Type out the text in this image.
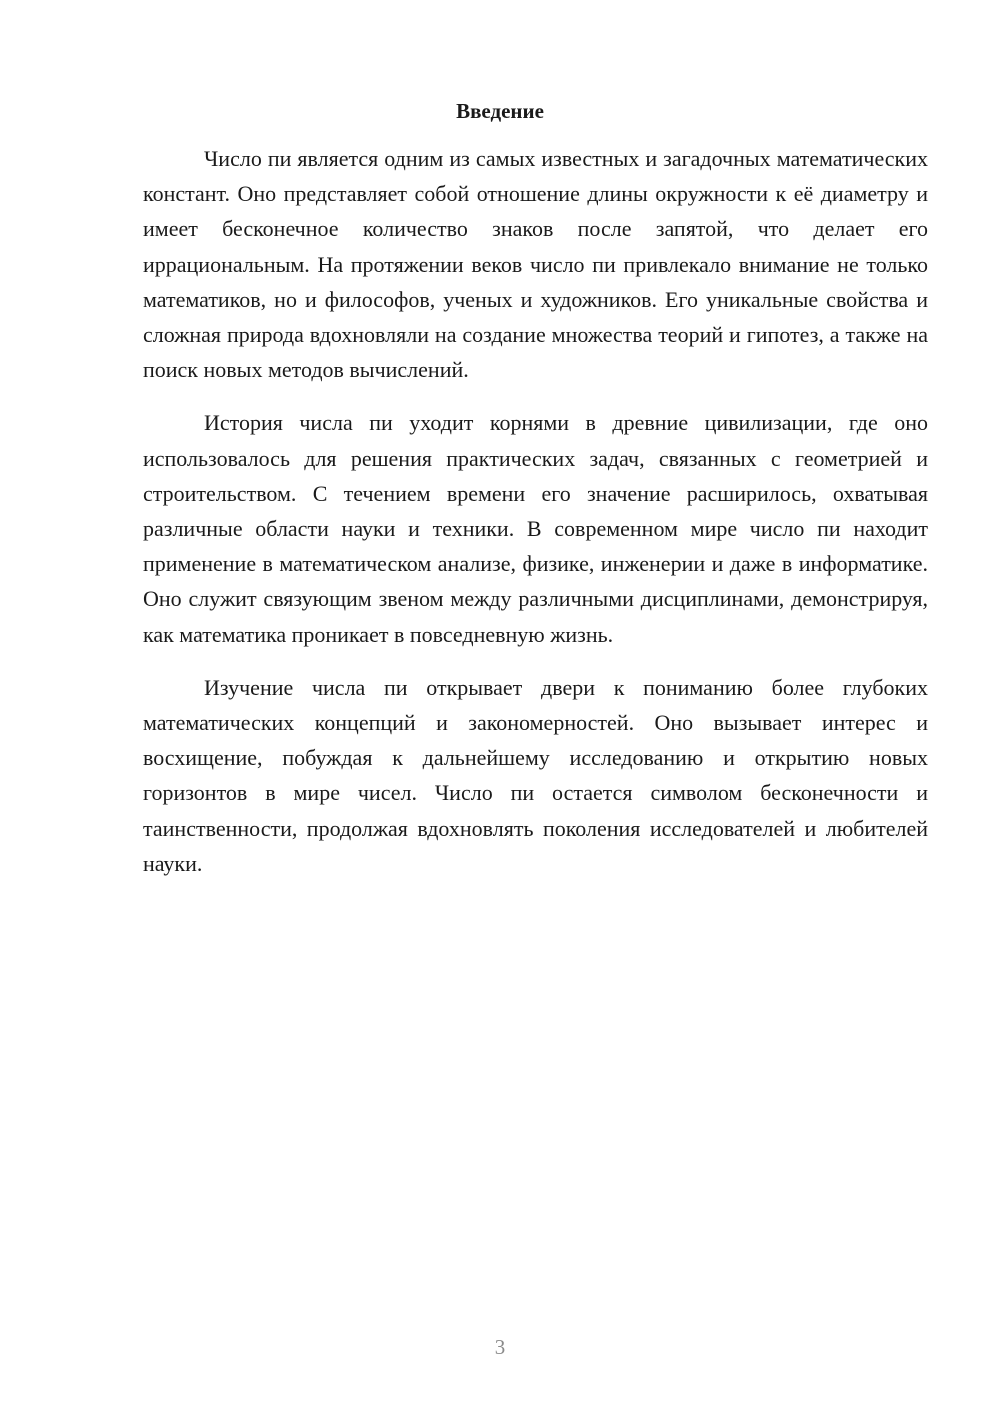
Введение

Число пи является одним из самых известных и загадочных математических констант. Оно представляет собой отношение длины окружности к её диаметру и имеет бесконечное количество знаков после запятой, что делает его иррациональным. На протяжении веков число пи привлекало внимание не только математиков, но и философов, ученых и художников. Его уникальные свойства и сложная природа вдохновляли на создание множества теорий и гипотез, а также на поиск новых методов вычислений.

История числа пи уходит корнями в древние цивилизации, где оно использовалось для решения практических задач, связанных с геометрией и строительством. С течением времени его значение расширилось, охватывая различные области науки и техники. В современном мире число пи находит применение в математическом анализе, физике, инженерии и даже в информатике. Оно служит связующим звеном между различными дисциплинами, демонстрируя, как математика проникает в повседневную жизнь.

Изучение числа пи открывает двери к пониманию более глубоких математических концепций и закономерностей. Оно вызывает интерес и восхищение, побуждая к дальнейшему исследованию и открытию новых горизонтов в мире чисел. Число пи остается символом бесконечности и таинственности, продолжая вдохновлять поколения исследователей и любителей науки.

3
